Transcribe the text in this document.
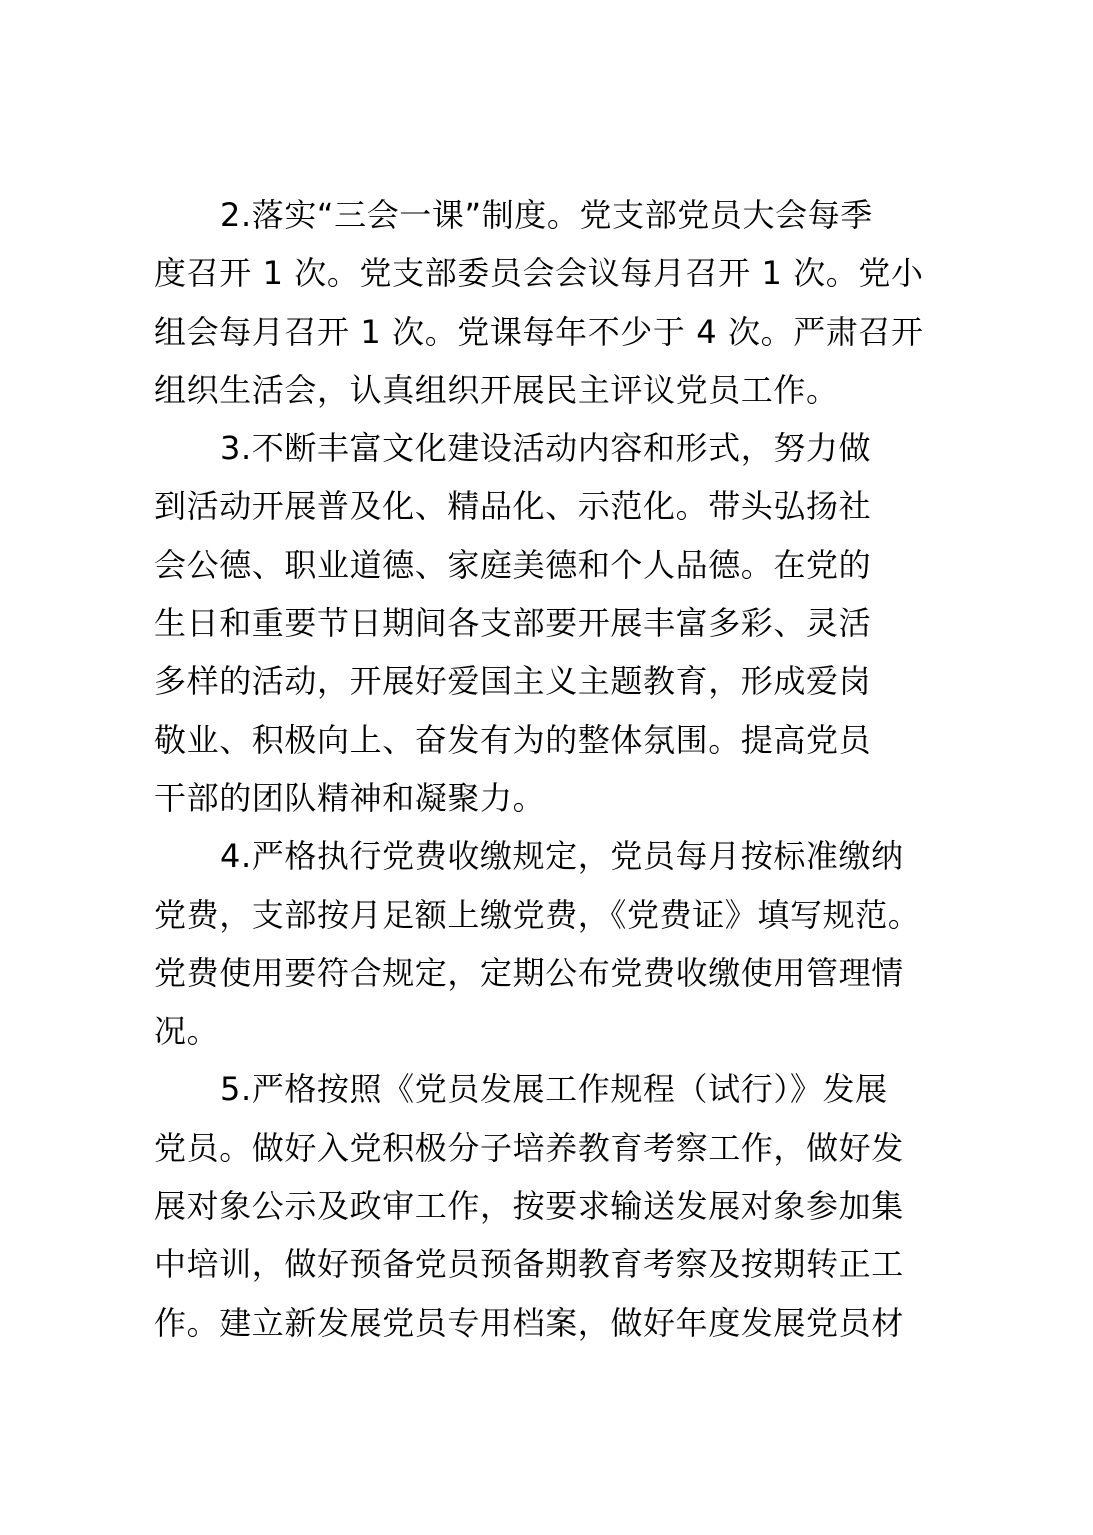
2.落实“三会一课”制度。党支部党员大会每季
度召开 1 次。党支部委员会会议每月召开 1 次。党小
组会每月召开 1 次。党课每年不少于 4 次。严肃召开
组织生活会，认真组织开展民主评议党员工作。
3.不断丰富文化建设活动内容和形式，努力做
到活动开展普及化、精品化、示范化。带头弘扬社
会公德、职业道德、家庭美德和个人品德。在党的
生日和重要节日期间各支部要开展丰富多彩、灵活
多样的活动，开展好爱国主义主题教育，形成爱岗
敬业、积极向上、奋发有为的整体氛围。提高党员
干部的团队精神和凝聚力。
4.严格执行党费收缴规定，党员每月按标准缴纳
党费，支部按月足额上缴党费，《党费证》填写规范。
党费使用要符合规定，定期公布党费收缴使用管理情
况。
5.严格按照《党员发展工作规程（试行）》发展
党员。做好入党积极分子培养教育考察工作，做好发
展对象公示及政审工作，按要求输送发展对象参加集
中培训，做好预备党员预备期教育考察及按期转正工
作。建立新发展党员专用档案，做好年度发展党员材
